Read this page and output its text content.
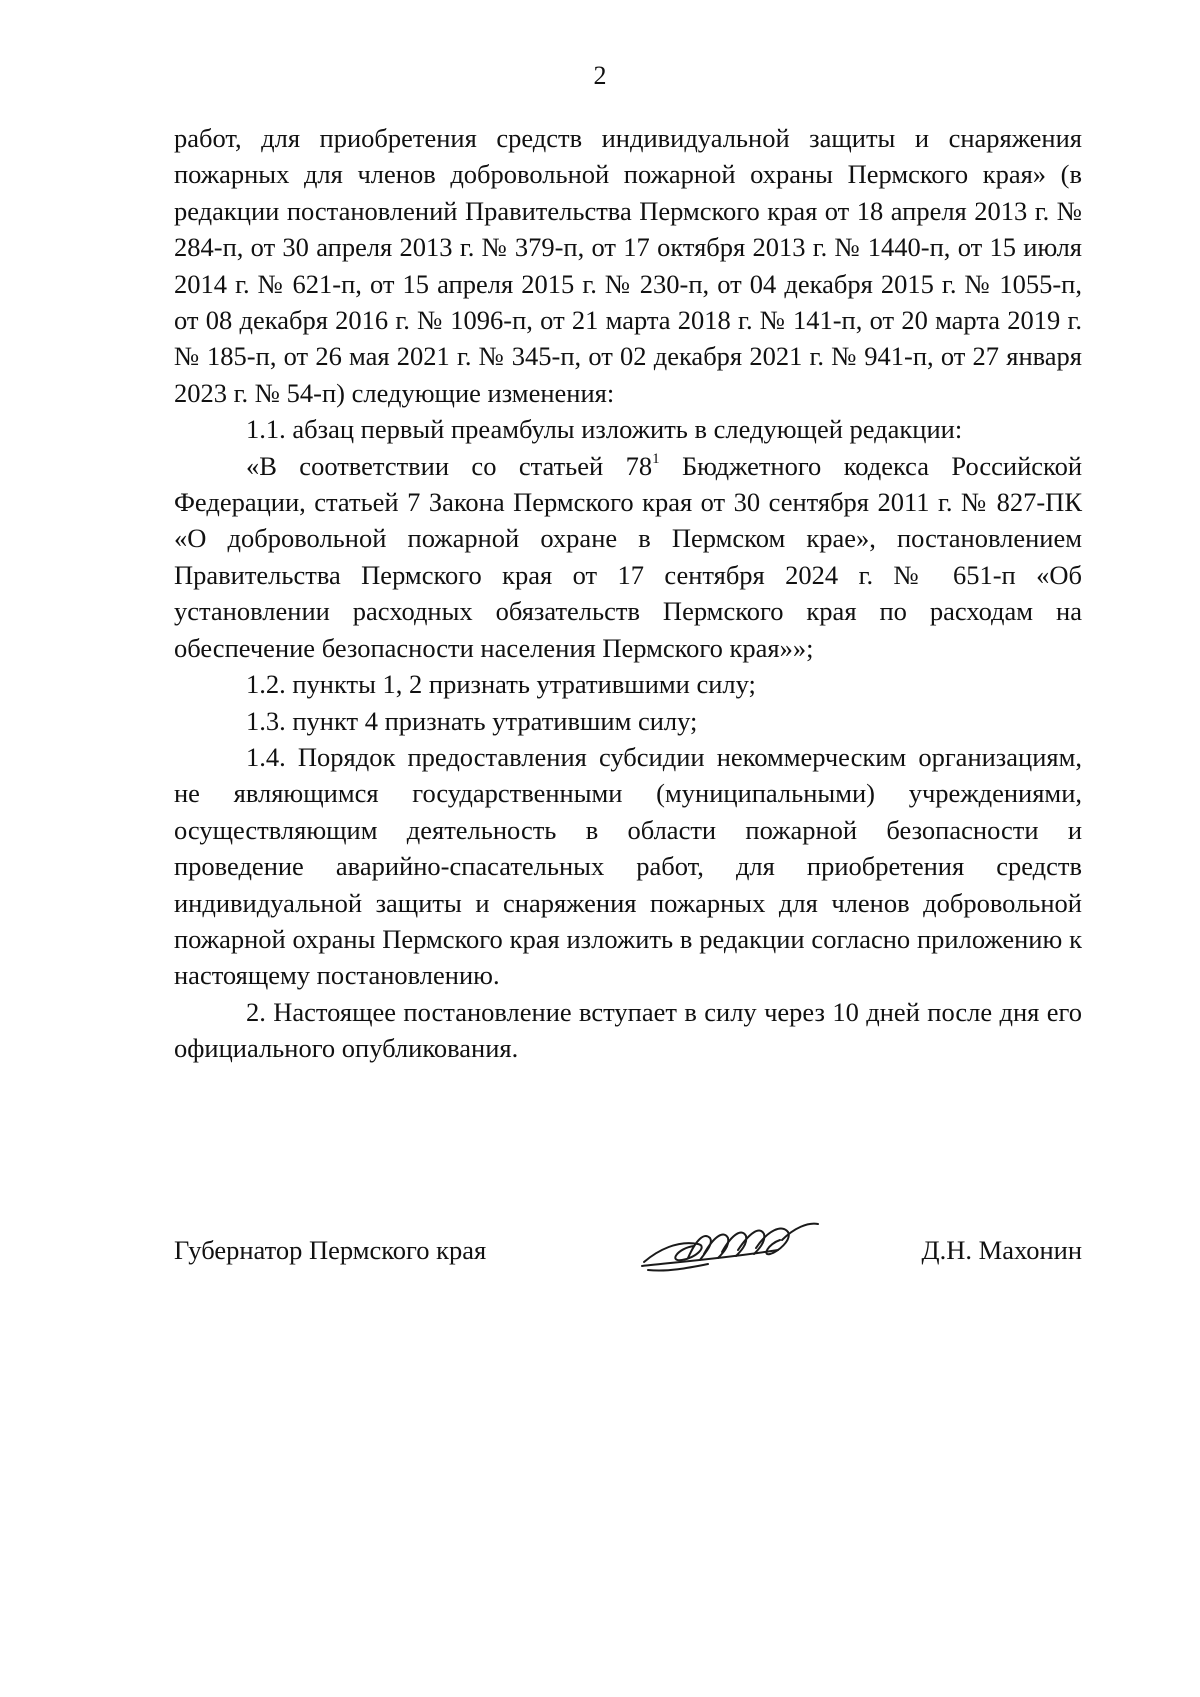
2

работ, для приобретения средств индивидуальной защиты и снаряжения пожарных для членов добровольной пожарной охраны Пермского края» (в редакции постановлений Правительства Пермского края от 18 апреля 2013 г. № 284-п, от 30 апреля 2013 г. № 379-п, от 17 октября 2013 г. № 1440-п, от 15 июля 2014 г. № 621-п, от 15 апреля 2015 г. № 230-п, от 04 декабря 2015 г. № 1055-п, от 08 декабря 2016 г. № 1096-п, от 21 марта 2018 г. № 141-п, от 20 марта 2019 г. № 185-п, от 26 мая 2021 г. № 345-п, от 02 декабря 2021 г. № 941-п, от 27 января 2023 г. № 54-п) следующие изменения:

1.1. абзац первый преамбулы изложить в следующей редакции:

«В соответствии со статьей $78^1$ Бюджетного кодекса Российской Федерации, статьей 7 Закона Пермского края от 30 сентября 2011 г. № 827-ПК «О добровольной пожарной охране в Пермском крае», постановлением Правительства Пермского края от 17 сентября 2024 г. № 651-п «Об установлении расходных обязательств Пермского края по расходам на обеспечение безопасности населения Пермского края»»;

1.2. пункты 1, 2 признать утратившими силу;

1.3. пункт 4 признать утратившим силу;

1.4. Порядок предоставления субсидии некоммерческим организациям, не являющимся государственными (муниципальными) учреждениями, осуществляющим деятельность в области пожарной безопасности и проведение аварийно-спасательных работ, для приобретения средств индивидуальной защиты и снаряжения пожарных для членов добровольной пожарной охраны Пермского края изложить в редакции согласно приложению к настоящему постановлению.

2. Настоящее постановление вступает в силу через 10 дней после дня его официального опубликования.

Губернатор Пермского края	Д.Н. Махонин
